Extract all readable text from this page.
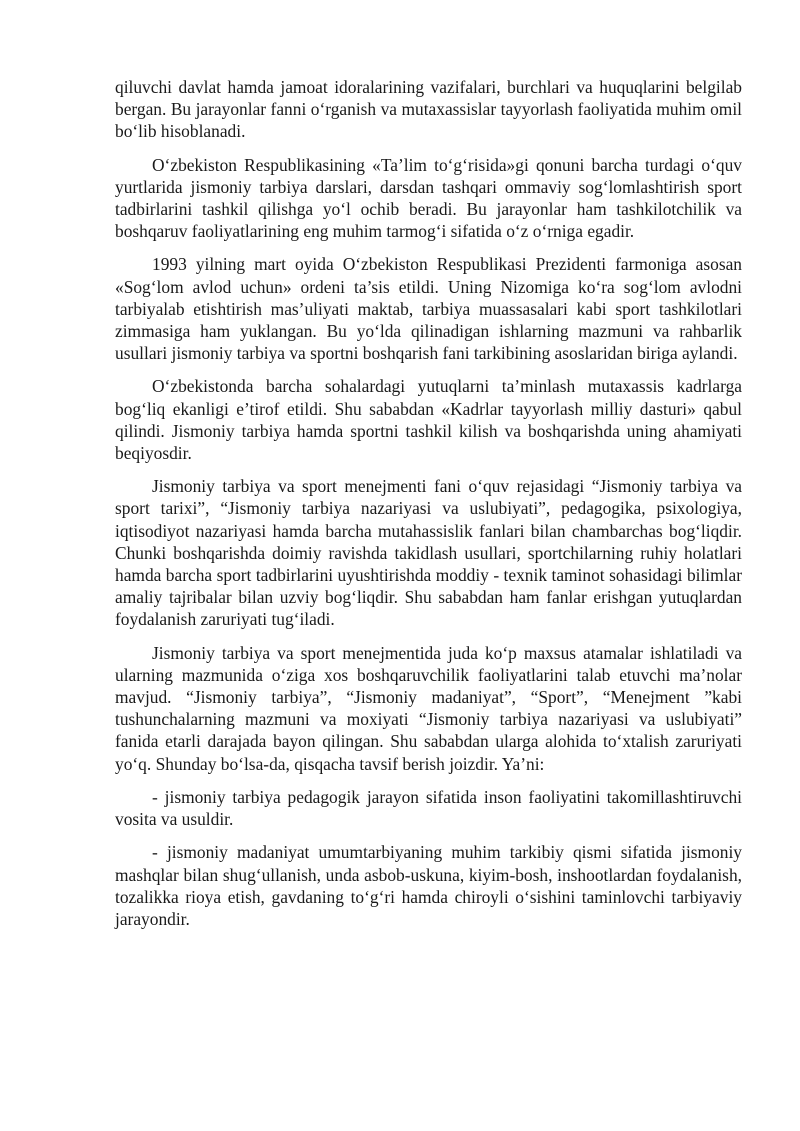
qiluvchi davlat hamda jamoat idoralarining vazifalari, burchlari va huquqlarini belgilab bergan. Bu jarayonlar fanni o‘rganish va mutaxassislar tayyorlash faoliyatida muhim omil bo‘lib hisoblanadi.

O‘zbekiston Respublikasining «Ta’lim to‘g‘risida»gi qonuni barcha turdagi o‘quv yurtlarida jismoniy tarbiya darslari, darsdan tashqari ommaviy sog‘lomlashtirish sport tadbirlarini tashkil qilishga yo‘l ochib beradi. Bu jarayonlar ham tashkilotchilik va boshqaruv faoliyatlarining eng muhim tarmog‘i sifatida o‘z o‘rniga egadir.

1993 yilning mart oyida O‘zbekiston Respublikasi Prezidenti farmoniga asosan «Sog‘lom avlod uchun» ordeni ta’sis etildi. Uning Nizomiga ko‘ra sog‘lom avlodni tarbiyalab etishtirish mas’uliyati maktab, tarbiya muassasalari kabi sport tashkilotlari zimmasiga ham yuklangan. Bu yo‘lda qilinadigan ishlarning mazmuni va rahbarlik usullari jismoniy tarbiya va sportni boshqarish fani tarkibining asoslaridan biriga aylandi.

O‘zbekistonda barcha sohalardagi yutuqlarni ta’minlash mutaxassis kadrlarga bog‘liq ekanligi e’tirof etildi. Shu sababdan «Kadrlar tayyorlash milliy dasturi» qabul qilindi. Jismoniy tarbiya hamda sportni tashkil kilish va boshqarishda uning ahamiyati beqiyosdir.

Jismoniy tarbiya va sport menejmenti fani o‘quv rejasidagi “Jismoniy tarbiya va sport tarixi”, “Jismoniy tarbiya nazariyasi va uslubiyati”, pedagogika, psixologiya, iqtisodiyot nazariyasi hamda barcha mutahassislik fanlari bilan chambarchas bog‘liqdir. Chunki boshqarishda doimiy ravishda takidlash usullari, sportchilarning ruhiy holatlari hamda barcha sport tadbirlarini uyushtirishda moddiy - texnik taminot sohasidagi bilimlar amaliy tajribalar bilan uzviy bog‘liqdir. Shu sababdan ham fanlar erishgan yutuqlardan foydalanish zaruriyati tug‘iladi.

Jismoniy tarbiya va sport menejmentida juda ko‘p maxsus atamalar ishlatiladi va ularning mazmunida o‘ziga xos boshqaruvchilik faoliyatlarini talab etuvchi ma’nolar mavjud. “Jismoniy tarbiya”, “Jismoniy madaniyat”, “Sport”, “Menejment ”kabi tushunchalarning mazmuni va moxiyati “Jismoniy tarbiya nazariyasi va uslubiyati” fanida etarli darajada bayon qilingan. Shu sababdan ularga alohida to‘xtalish zaruriyati yo‘q. Shunday bo‘lsa-da, qisqacha tavsif berish joizdir. Ya’ni:

- jismoniy tarbiya pedagogik jarayon sifatida inson faoliyatini takomillashtiruvchi vosita va usuldir.

- jismoniy madaniyat umumtarbiyaning muhim tarkibiy qismi sifatida jismoniy mashqlar bilan shug‘ullanish, unda asbob-uskuna, kiyim-bosh, inshootlardan foydalanish, tozalikka rioya etish, gavdaning to‘g‘ri hamda chiroyli o‘sishini taminlovchi tarbiyaviy jarayondir.
